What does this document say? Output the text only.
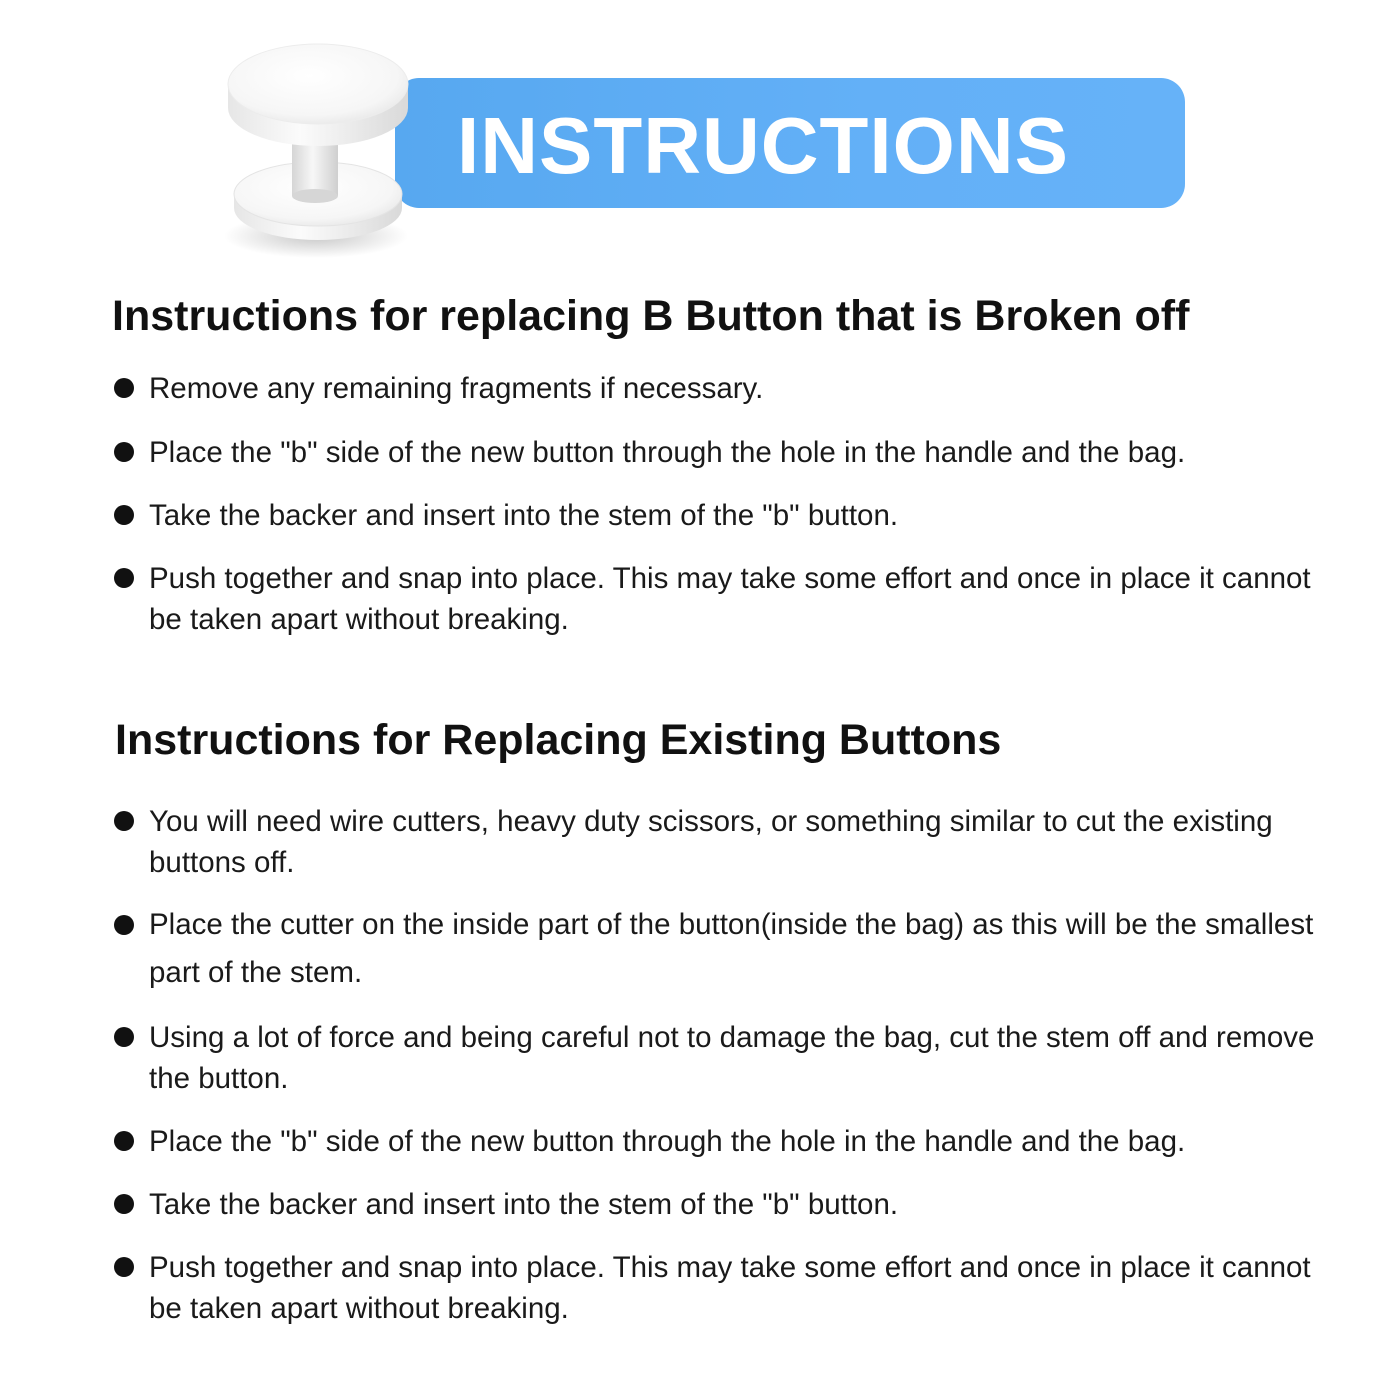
INSTRUCTIONS
Instructions for replacing B Button that is Broken off
Remove any remaining fragments if necessary.
Place the "b" side of the new button through the hole in the handle and the bag.
Take the backer and insert into the stem of the "b" button.
Push together and snap into place. This may take some effort and once in place it cannot be taken apart without breaking.
Instructions for Replacing Existing Buttons
You will need wire cutters, heavy duty scissors, or something similar to cut the existing buttons off.
Place the cutter on the inside part of the button(inside the bag) as this will be the smallest part of the stem.
Using a lot of force and being careful not to damage the bag, cut the stem off and remove the button.
Place the "b" side of the new button through the hole in the handle and the bag.
Take the backer and insert into the stem of the "b" button.
Push together and snap into place. This may take some effort and once in place it cannot be taken apart without breaking.
